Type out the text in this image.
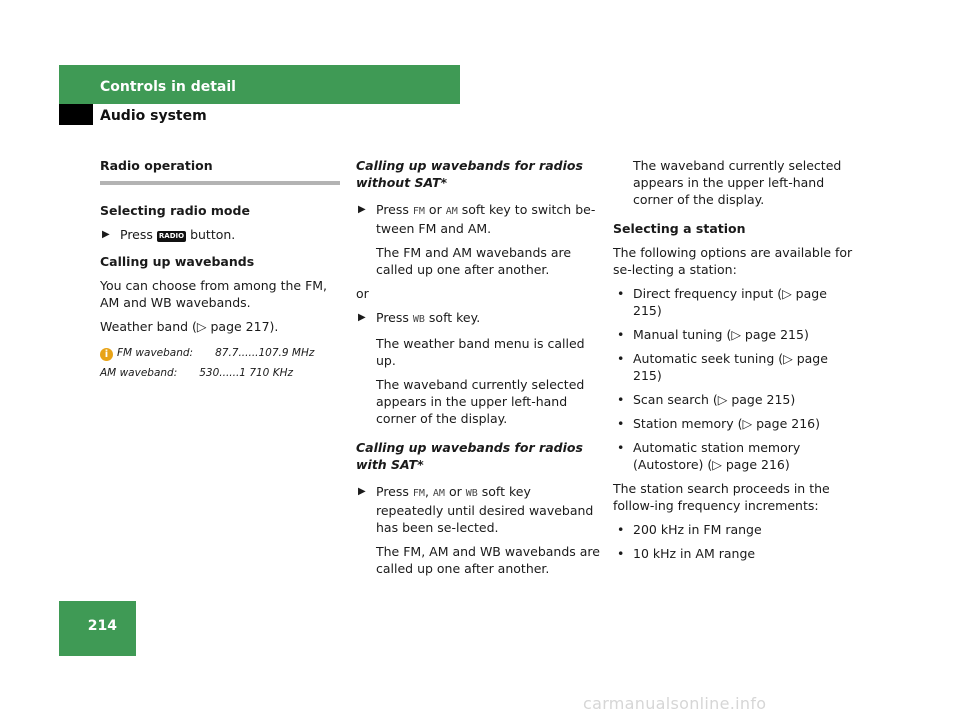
Controls in detail
Audio system

Radio operation

Selecting radio mode

▶ Press RADIO button.

Calling up wavebands

You can choose from among the FM, AM and WB wavebands.

Weather band (▷ page 217).

i FM waveband: 87.7......107.9 MHz
AM waveband: 530......1 710 KHz

Calling up wavebands for radios without SAT*

▶ Press FM or AM soft key to switch be-tween FM and AM.

The FM and AM wavebands are called up one after another.

or

▶ Press WB soft key.

The weather band menu is called up.

The waveband currently selected appears in the upper left-hand corner of the display.

Calling up wavebands for radios with SAT*

▶ Press FM, AM or WB soft key repeatedly until desired waveband has been se-lected.

The FM, AM and WB wavebands are called up one after another.

The waveband currently selected appears in the upper left-hand corner of the display.

Selecting a station

The following options are available for se-lecting a station:

• Direct frequency input (▷ page 215)
• Manual tuning (▷ page 215)
• Automatic seek tuning (▷ page 215)
• Scan search (▷ page 215)
• Station memory (▷ page 216)
• Automatic station memory (Autostore) (▷ page 216)

The station search proceeds in the follow-ing frequency increments:

• 200 kHz in FM range
• 10 kHz in AM range
214
carmanualsonline.info
